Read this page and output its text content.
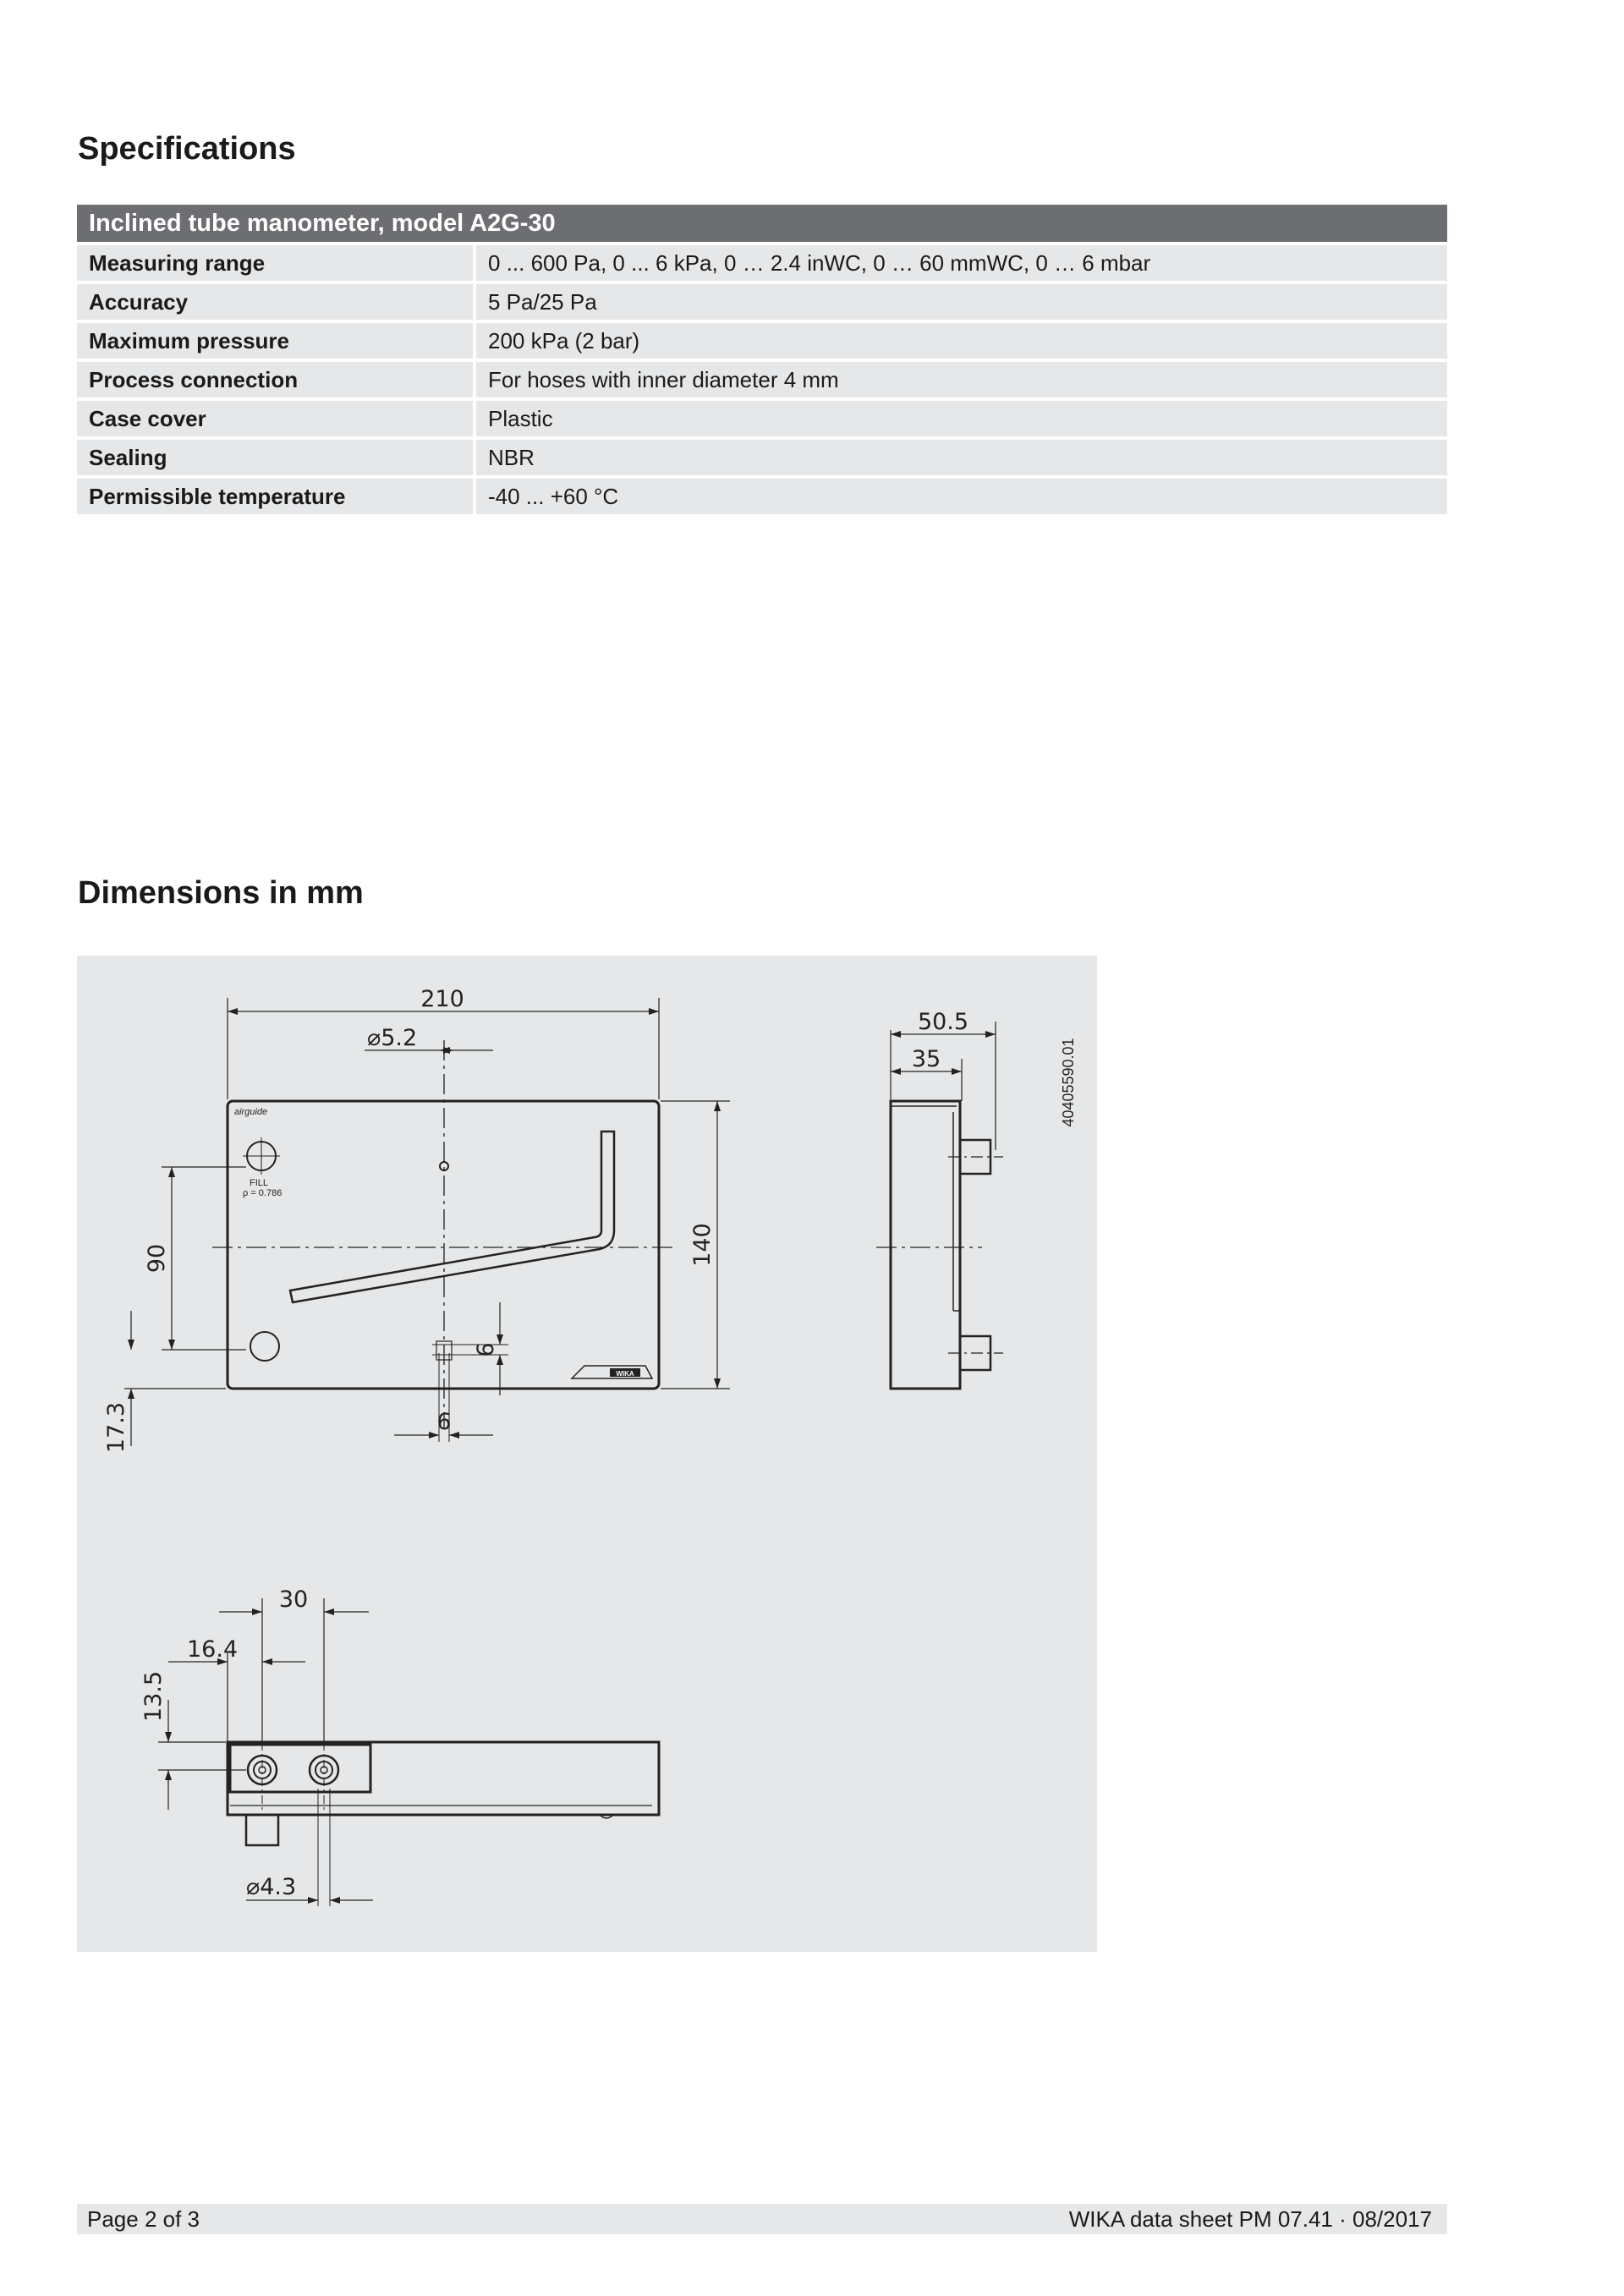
Specifications
Inclined tube manometer, model A2G-30
Measuring range	0 ... 600 Pa, 0 ... 6 kPa, 0 … 2.4 inWC, 0 … 60 mmWC, 0 … 6 mbar
Accuracy	5 Pa/25 Pa
Maximum pressure	200 kPa (2 bar)
Process connection	For hoses with inner diameter 4 mm
Case cover	Plastic
Sealing	NBR
Permissible temperature	-40 ... +60 °C
Dimensions in mm
210
⌀5.2
140
90
17.3
6
6
50.5
35
30
16.4
13.5
⌀4.3
40405590.01
airguide
FILL
ρ = 0.786
WIKA
Page 2 of 3	WIKA data sheet PM 07.41 · 08/2017
